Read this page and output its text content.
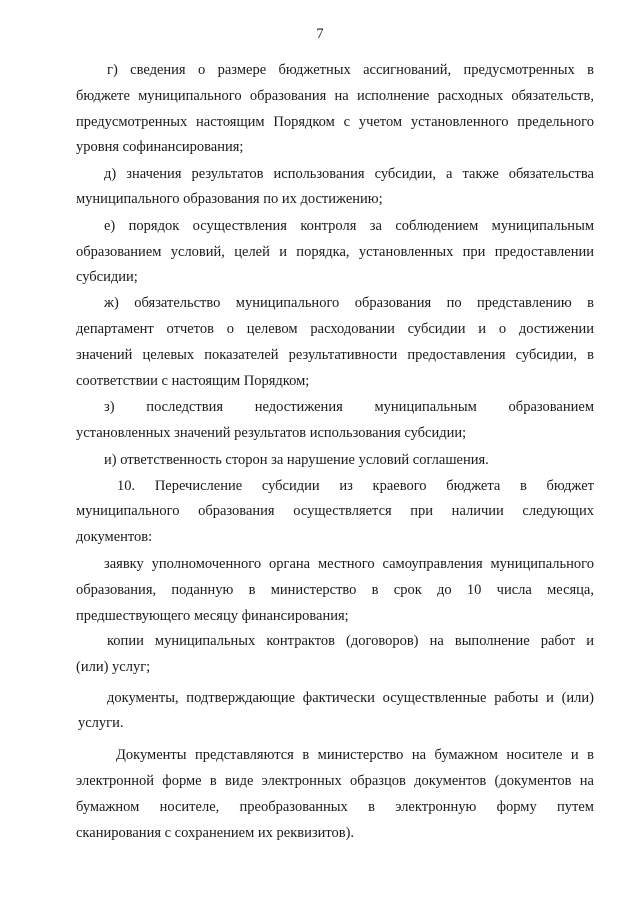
7
г) сведения о размере бюджетных ассигнований, предусмотренных в
бюджете муниципального образования на исполнение расходных обязательств,
предусмотренных настоящим Порядком с учетом установленного предельного
уровня софинансирования;
д) значения результатов использования субсидии, а также обязательства
муниципального образования по их достижению;
е) порядок осуществления контроля за соблюдением муниципальным
образованием условий, целей и порядка, установленных при предоставлении
субсидии;
ж) обязательство муниципального образования по представлению в
департамент отчетов о целевом расходовании субсидии и о достижении
значений целевых показателей результативности предоставления субсидии, в
соответствии с настоящим Порядком;
з) последствия недостижения муниципальным образованием
установленных значений результатов использования субсидии;
и) ответственность сторон за нарушение условий соглашения.
10. Перечисление субсидии из краевого бюджета в бюджет
муниципального образования осуществляется при наличии следующих
документов:
заявку уполномоченного органа местного самоуправления муниципального
образования, поданную в министерство в срок до 10 числа месяца,
предшествующего месяцу финансирования;
копии муниципальных контрактов (договоров) на выполнение работ и
(или) услуг;
документы, подтверждающие фактически осуществленные работы и (или)
услуги.
Документы представляются в министерство на бумажном носителе и в
электронной форме в виде электронных образцов документов (документов на
бумажном носителе, преобразованных в электронную форму путем
сканирования с сохранением их реквизитов).
